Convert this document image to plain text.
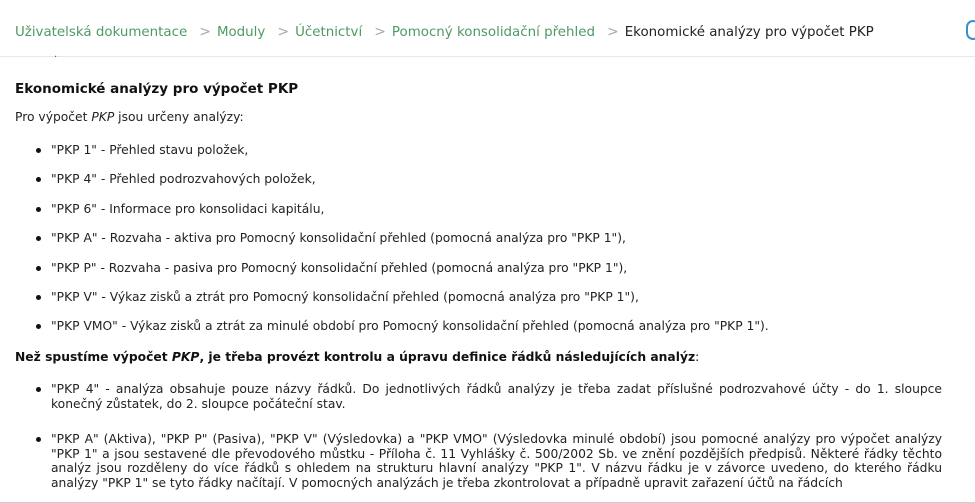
Uživatelská dokumentace > Moduly > Účetnictví > Pomocný konsolidační přehled > Ekonomické analýzy pro výpočet PKP
·
Ekonomické analýzy pro výpočet PKP

Pro výpočet PKP jsou určeny analýzy:

"PKP 1" - Přehled stavu položek,
"PKP 4" - Přehled podrozvahových položek,
"PKP 6" - Informace pro konsolidaci kapitálu,
"PKP A" - Rozvaha - aktiva pro Pomocný konsolidační přehled (pomocná analýza pro "PKP 1"),
"PKP P" - Rozvaha - pasiva pro Pomocný konsolidační přehled (pomocná analýza pro "PKP 1"),
"PKP V" - Výkaz zisků a ztrát pro Pomocný konsolidační přehled (pomocná analýza pro "PKP 1"),
"PKP VMO" - Výkaz zisků a ztrát za minulé období pro Pomocný konsolidační přehled (pomocná analýza pro "PKP 1").

Než spustíme výpočet PKP, je třeba provézt kontrolu a úpravu definice řádků následujících analýz:

"PKP 4" - analýza obsahuje pouze názvy řádků. Do jednotlivých řádků analýzy je třeba zadat příslušné podrozvahové účty - do 1. sloupce konečný zůstatek, do 2. sloupce počáteční stav.
"PKP A" (Aktiva), "PKP P" (Pasiva), "PKP V" (Výsledovka) a "PKP VMO" (Výsledovka minulé období) jsou pomocné analýzy pro výpočet analýzy "PKP 1" a jsou sestavené dle převodového můstku - Příloha č. 11 Vyhlášky č. 500/2002 Sb. ve znění pozdějších předpisů. Některé řádky těchto analýz jsou rozděleny do více řádků s ohledem na strukturu hlavní analýzy "PKP 1". V názvu řádku je v závorce uvedeno, do kterého řádku analýzy "PKP 1" se tyto řádky načítají. V pomocných analýzách je třeba zkontrolovat a případně upravit zařazení účtů na řádcích
